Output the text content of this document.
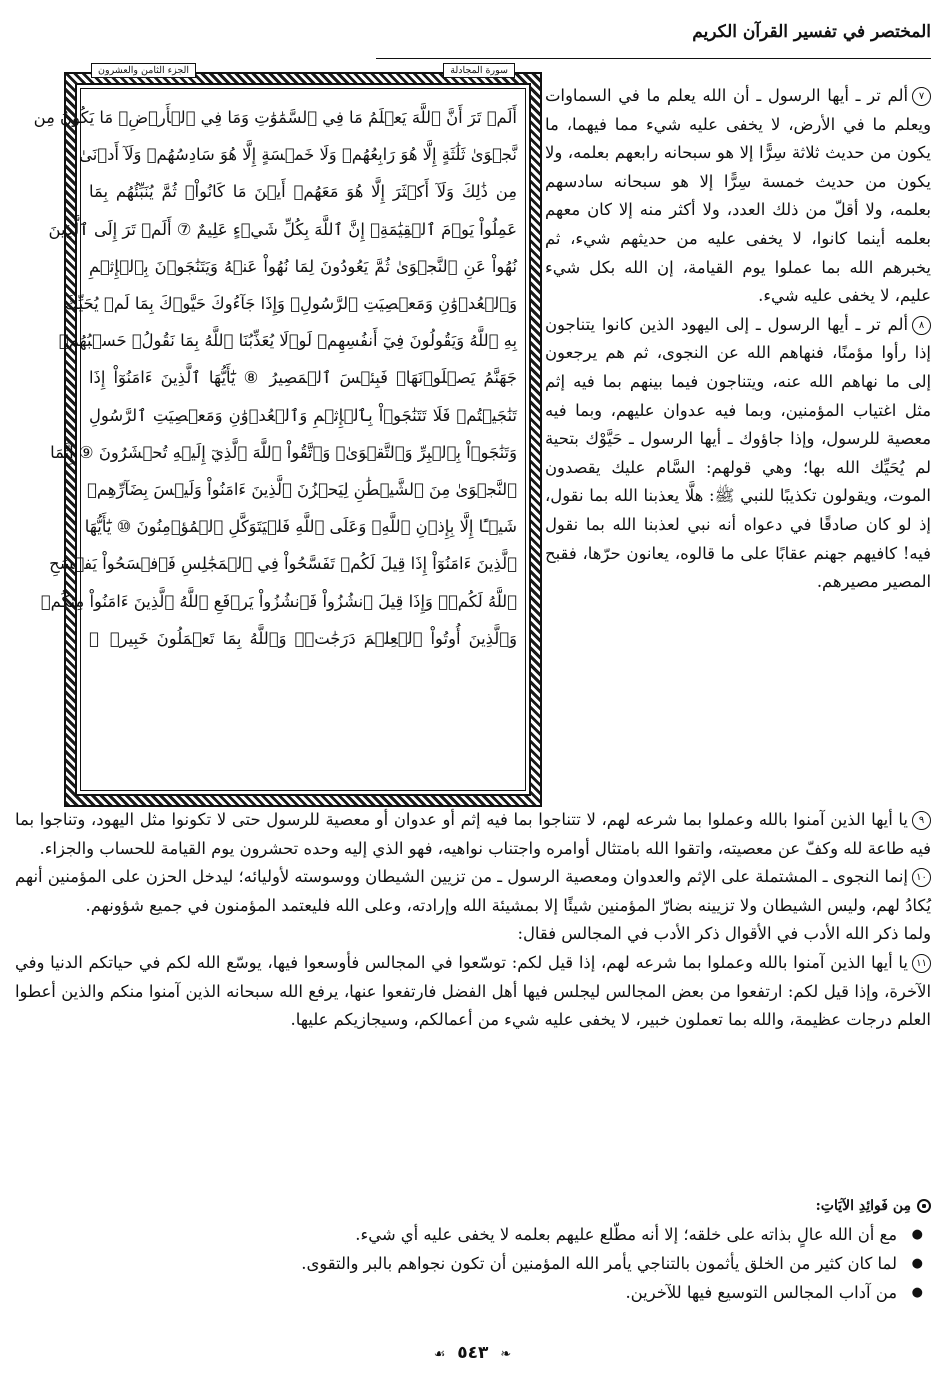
المختصر في تفسير القرآن الكريم
سورة المجادلة
الجزء الثامن والعشرون
أَلَمۡ تَرَ أَنَّ ٱللَّهَ يَعۡلَمُ مَا فِي ٱلسَّمَٰوَٰتِ وَمَا فِي ٱلۡأَرۡضِۖ مَا يَكُونُ مِن
نَّجۡوَىٰ ثَلَٰثَةٍ إِلَّا هُوَ رَابِعُهُمۡ وَلَا خَمۡسَةٍ إِلَّا هُوَ سَادِسُهُمۡ وَلَآ أَدۡنَىٰ
مِن ذَٰلِكَ وَلَآ أَكۡثَرَ إِلَّا هُوَ مَعَهُمۡ أَيۡنَ مَا كَانُواْۖ ثُمَّ يُنَبِّئُهُم بِمَا
عَمِلُواْ يَوۡمَ ٱلۡقِيَٰمَةِۚ إِنَّ ٱللَّهَ بِكُلِّ شَيۡءٍ عَلِيمٌ ⑦ أَلَمۡ تَرَ إِلَى ٱلَّذِينَ
نُهُواْ عَنِ ٱلنَّجۡوَىٰ ثُمَّ يَعُودُونَ لِمَا نُهُواْ عَنۡهُ وَيَتَنَٰجَوۡنَ بِٱلۡإِثۡمِ
وَٱلۡعُدۡوَٰنِ وَمَعۡصِيَتِ ٱلرَّسُولِۖ وَإِذَا جَآءُوكَ حَيَّوۡكَ بِمَا لَمۡ يُحَيِّكَ
بِهِ ٱللَّهُ وَيَقُولُونَ فِيٓ أَنفُسِهِمۡ لَوۡلَا يُعَذِّبُنَا ٱللَّهُ بِمَا نَقُولُۚ حَسۡبُهُمۡ
جَهَنَّمُ يَصۡلَوۡنَهَاۖ فَبِئۡسَ ٱلۡمَصِيرُ ⑧ يَٰٓأَيُّهَا ٱلَّذِينَ ءَامَنُوٓاْ إِذَا
تَنَٰجَيۡتُمۡ فَلَا تَتَنَٰجَوۡاْ بِٱلۡإِثۡمِ وَٱلۡعُدۡوَٰنِ وَمَعۡصِيَتِ ٱلرَّسُولِ
وَتَنَٰجَوۡاْ بِٱلۡبِرِّ وَٱلتَّقۡوَىٰۖ وَٱتَّقُواْ ٱللَّهَ ٱلَّذِيٓ إِلَيۡهِ تُحۡشَرُونَ ⑨ إِنَّمَا
ٱلنَّجۡوَىٰ مِنَ ٱلشَّيۡطَٰنِ لِيَحۡزُنَ ٱلَّذِينَ ءَامَنُواْ وَلَيۡسَ بِضَآرِّهِمۡ
شَيۡـًٔا إِلَّا بِإِذۡنِ ٱللَّهِۚ وَعَلَى ٱللَّهِ فَلۡيَتَوَكَّلِ ٱلۡمُؤۡمِنُونَ ⑩ يَٰٓأَيُّهَا
ٱلَّذِينَ ءَامَنُوٓاْ إِذَا قِيلَ لَكُمۡ تَفَسَّحُواْ فِي ٱلۡمَجَٰلِسِ فَٱفۡسَحُواْ يَفۡسَحِ
ٱللَّهُ لَكُمۡۖ وَإِذَا قِيلَ ٱنشُزُواْ فَٱنشُزُواْ يَرۡفَعِ ٱللَّهُ ٱلَّذِينَ ءَامَنُواْ مِنكُمۡ
وَٱلَّذِينَ أُوتُواْ ٱلۡعِلۡمَ دَرَجَٰتٖۚ وَٱللَّهُ بِمَا تَعۡمَلُونَ خَبِيرٞ ⑪

٧ألم تر ـ أيها الرسول ـ أن الله يعلم ما في السماوات ويعلم ما في الأرض، لا يخفى عليه شيء مما فيهما، ما يكون من حديث ثلاثة سِرًّا إلا هو سبحانه رابعهم بعلمه، ولا يكون من حديث خمسة سِرًّا إلا هو سبحانه سادسهم بعلمه، ولا أقلّ من ذلك العدد، ولا أكثر منه إلا كان معهم بعلمه أينما كانوا، لا يخفى عليه من حديثهم شيء، ثم يخبرهم الله بما عملوا يوم القيامة، إن الله بكل شيء عليم، لا يخفى عليه شيء.

٨ألم تر ـ أيها الرسول ـ إلى اليهود الذين كانوا يتناجون إذا رأوا مؤمنًا، فنهاهم الله عن النجوى، ثم هم يرجعون إلى ما نهاهم الله عنه، ويتناجون فيما بينهم بما فيه إثم مثل اغتياب المؤمنين، وبما فيه عدوان عليهم، وبما فيه معصية للرسول، وإذا جاؤوك ـ أيها الرسول ـ حَيَّوْك بتحية لم يُحَيِّك الله بها؛ وهي قولهم: السَّام عليك يقصدون الموت، ويقولون تكذيبًا للنبي ﷺ: هلَّا يعذبنا الله بما نقول، إذ لو كان صادقًا في دعواه أنه نبي لعذبنا الله بما نقول فيه! كافيهم جهنم عقابًا على ما قالوه، يعانون حرّها، فقبح المصير مصيرهم.

٩يا أيها الذين آمنوا بالله وعملوا بما شرعه لهم، لا تتناجوا بما فيه إثم أو عدوان أو معصية للرسول حتى لا تكونوا مثل اليهود، وتناجوا بما فيه طاعة لله وكفّ عن معصيته، واتقوا الله بامتثال أوامره واجتناب نواهيه، فهو الذي إليه وحده تحشرون يوم القيامة للحساب والجزاء.

١٠إنما النجوى ـ المشتملة على الإثم والعدوان ومعصية الرسول ـ من تزيين الشيطان ووسوسته لأوليائه؛ ليدخل الحزن على المؤمنين أنهم يُكادُ لهم، وليس الشيطان ولا تزيينه بضارّ المؤمنين شيئًا إلا بمشيئة الله وإرادته، وعلى الله فليعتمد المؤمنون في جميع شؤونهم.

ولما ذكر الله الأدب في الأقوال ذكر الأدب في المجالس فقال:

١١يا أيها الذين آمنوا بالله وعملوا بما شرعه لهم، إذا قيل لكم: توسّعوا في المجالس فأوسعوا فيها، يوسّع الله لكم في حياتكم الدنيا وفي الآخرة، وإذا قيل لكم: ارتفعوا من بعض المجالس ليجلس فيها أهل الفضل فارتفعوا عنها، يرفع الله سبحانه الذين آمنوا منكم والذين أعطوا العلم درجات عظيمة، والله بما تعملون خبير، لا يخفى عليه شيء من أعمالكم، وسيجازيكم عليها.

مِن فَوائِدِ الآيَاتِ:
● مع أن الله عالٍ بذاته على خلقه؛ إلا أنه مطّلع عليهم بعلمه لا يخفى عليه أي شيء.
● لما كان كثير من الخلق يأثمون بالتناجي يأمر الله المؤمنين أن تكون نجواهم بالبر والتقوى.
● من آداب المجالس التوسيع فيها للآخرين.
❧ ٥٤٣ ☙
